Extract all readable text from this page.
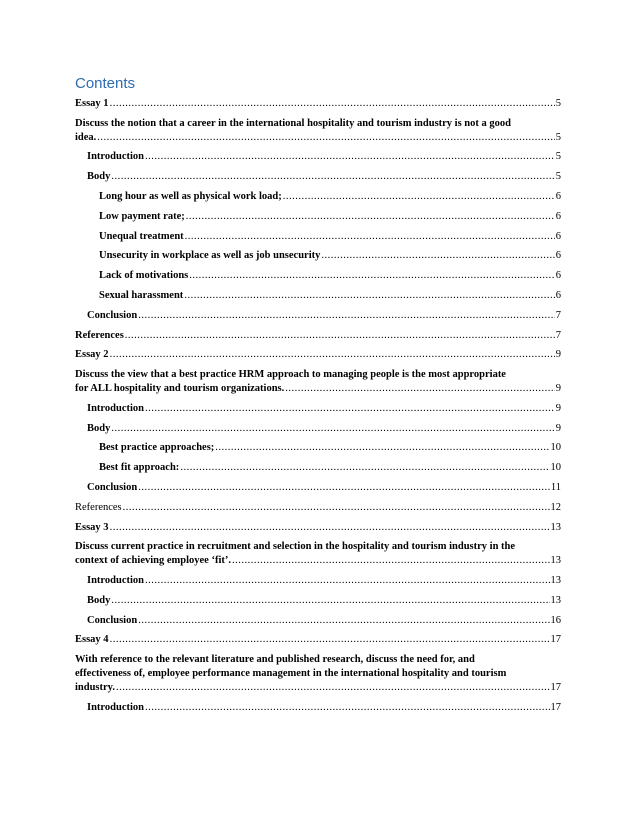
Contents
Essay 1 .....	5
Discuss the notion that a career in the international hospitality and tourism industry is not a good
idea. .....	5
Introduction .....	5
Body .....	5
Long hour as well as physical work load; .....	6
Low payment rate; .....	6
Unequal treatment .....	6
Unsecurity in workplace as well as job unsecurity .....	6
Lack of motivations .....	6
Sexual harassment .....	6
Conclusion .....	7
References .....	7
Essay 2 .....	9
Discuss the view that a best practice HRM approach to managing people is the most appropriate
for ALL hospitality and tourism organizations. .....	9
Introduction .....	9
Body .....	9
Best practice approaches; .....	10
Best fit approach: .....	10
Conclusion .....	11
References .....	12
Essay 3 .....	13
Discuss current practice in recruitment and selection in the hospitality and tourism industry in the
context of achieving employee ‘fit’. .....	13
Introduction .....	13
Body .....	13
Conclusion .....	16
Essay 4 .....	17
With reference to the relevant literature and published research, discuss the need for, and
effectiveness of, employee performance management in the international hospitality and tourism
industry. .....	17
Introduction .....	17
